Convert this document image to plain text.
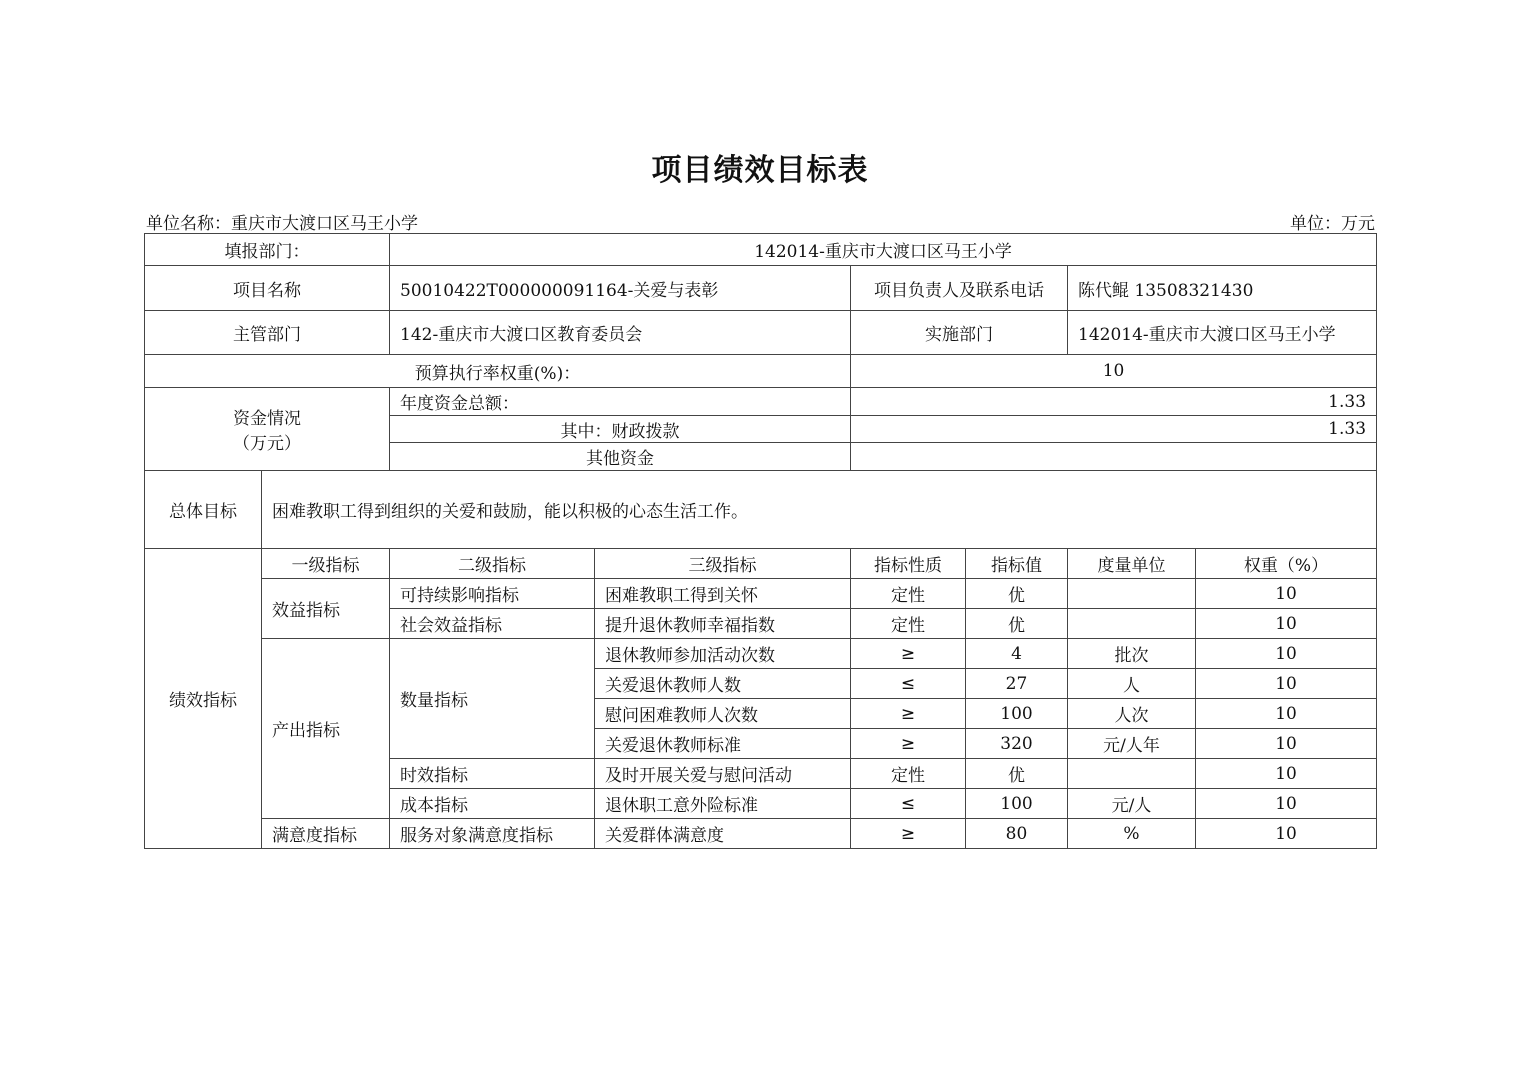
项目绩效目标表
单位名称：重庆市大渡口区马王小学	单位：万元
填报部门：		142014-重庆市大渡口区马王小学					
项目名称		50010422T000000091164-关爱与表彰		项目负责人及联系电话		陈代鲲 13508321430	
主管部门		142-重庆市大渡口区教育委员会		实施部门		142014-重庆市大渡口区马王小学	
预算执行率权重(%)：				10			

资金情况
（万元）		年度资金总额：		1.33			
		其中：财政拨款		1.33			
		其他资金					
总体目标	困难教职工得到组织的关爱和鼓励，能以积极的心态生活工作。						
绩效指标	一级指标	二级指标	三级指标	指标性质	指标值	度量单位	权重（%）
	效益指标	可持续影响指标	困难教职工得到关怀	定性	优		10
		社会效益指标	提升退休教师幸福指数	定性	优		10
	产出指标	数量指标	退休教师参加活动次数	≥	4	批次	10
			关爱退休教师人数	≤	27	人	10
			慰问困难教师人次数	≥	100	人次	10
			关爱退休教师标准	≥	320	元/人年	10
		时效指标	及时开展关爱与慰问活动	定性	优		10
		成本指标	退休职工意外险标准	≤	100	元/人	10
	满意度指标	服务对象满意度指标	关爱群体满意度	≥	80	%	10
